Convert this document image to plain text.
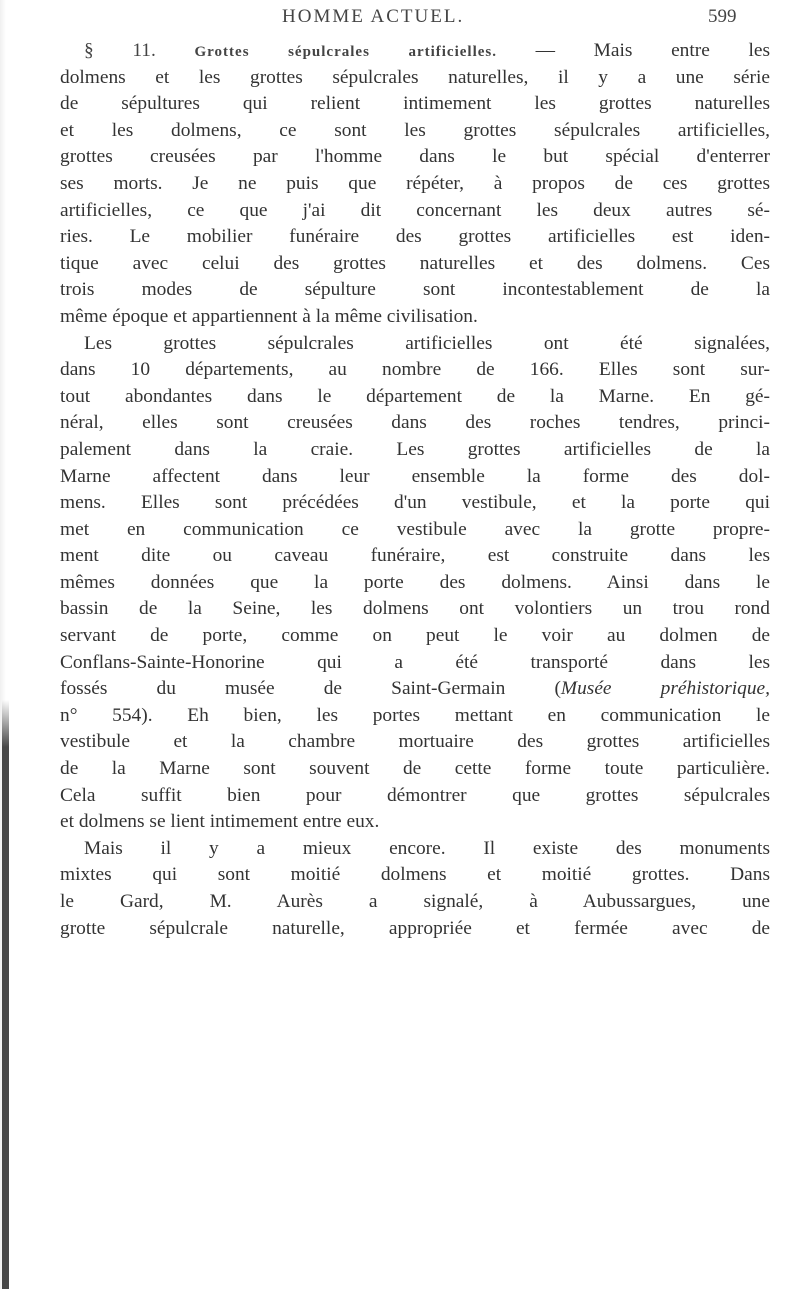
HOMME ACTUEL.	599
§ 11.	Grottes sépulcrales artificielles. — Mais entre les
dolmens et les grottes sépulcrales naturelles, il y a une série
de sépultures qui relient intimement les grottes naturelles
et les dolmens, ce sont les grottes sépulcrales artificielles,
grottes creusées par l'homme dans le but spécial d'enterrer
ses morts. Je ne puis que répéter, à propos de ces grottes
artificielles, ce que j'ai dit concernant les deux autres sé-
ries. Le mobilier funéraire des grottes artificielles est iden-
tique avec celui des grottes naturelles et des dolmens. Ces
trois modes de sépulture sont incontestablement de la
même époque et appartiennent à la même civilisation.
Les grottes sépulcrales artificielles ont été signalées,
dans 10 départements, au nombre de 166. Elles sont sur-
tout abondantes dans le département de la Marne. En gé-
néral, elles sont creusées dans des roches tendres, princi-
palement dans la craie. Les grottes artificielles de la
Marne affectent dans leur ensemble la forme des dol-
mens. Elles sont précédées d'un vestibule, et la porte qui
met en communication ce vestibule avec la grotte propre-
ment dite ou caveau funéraire, est construite dans les
mêmes données que la porte des dolmens. Ainsi dans le
bassin de la Seine, les dolmens ont volontiers un trou rond
servant de porte, comme on peut le voir au dolmen de
Conflans-Sainte-Honorine qui a été transporté dans les
fossés du musée de Saint-Germain (Musée préhistorique,
n° 554). Eh bien, les portes mettant en communication le
vestibule et la chambre mortuaire des grottes artificielles
de la Marne sont souvent de cette forme toute particulière.
Cela suffit bien pour démontrer que grottes sépulcrales
et dolmens se lient intimement entre eux.
Mais il y a mieux encore. Il existe des monuments
mixtes qui sont moitié dolmens et moitié grottes. Dans
le Gard, M. Aurès a signalé, à Aubussargues, une
grotte sépulcrale naturelle, appropriée et fermée avec de
